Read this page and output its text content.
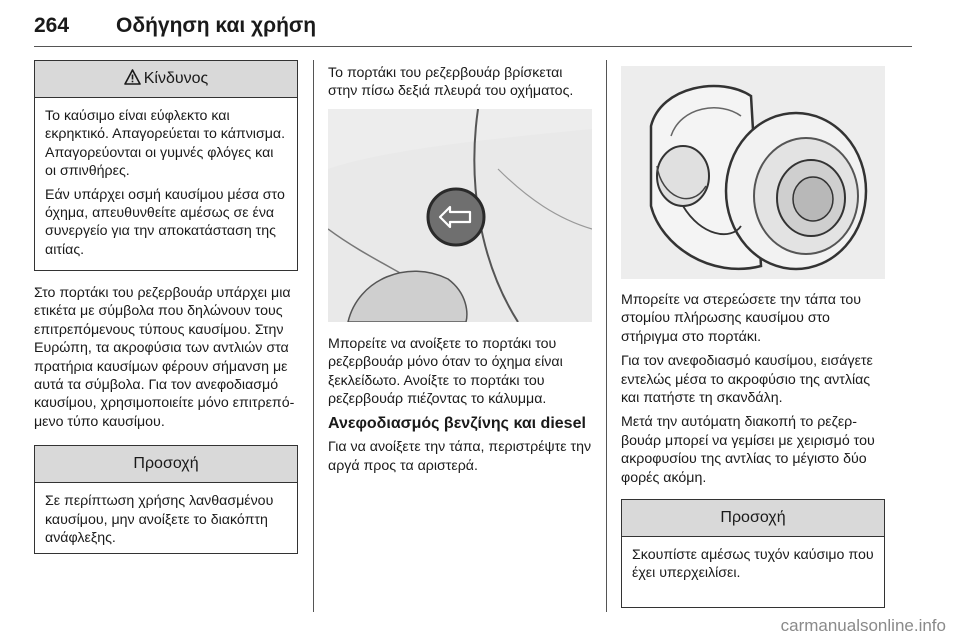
264 Οδήγηση και χρήση
Κίνδυνος

Το καύσιμο είναι εύφλεκτο και εκρηκτικό. Απαγορεύεται το κάπνισμα. Απαγορεύονται οι γυμνές φλόγες και οι σπινθήρες.

Εάν υπάρχει οσμή καυσίμου μέσα στο όχημα, απευθυνθείτε αμέσως σε ένα συνεργείο για την αποκατάσταση της αιτίας.

Στο πορτάκι του ρεζερβουάρ υπάρχει μια ετικέτα με σύμβολα που δηλώνουν τους επιτρεπόμενους τύπους καυσίμου. Στην Ευρώπη, τα ακροφύσια των αντλιών στα πρατήρια καυσίμων φέρουν σήμανση με αυτά τα σύμβολα. Για τον ανεφοδιασμό καυσίμου, χρησιμοποιείτε μόνο επιτρεπόμενο τύπο καυσίμου.

Προσοχή

Σε περίπτωση χρήσης λανθασμένου καυσίμου, μην ανοίξετε το διακόπτη ανάφλεξης.

Το πορτάκι του ρεζερβουάρ βρίσκεται στην πίσω δεξιά πλευρά του οχήματος.

Μπορείτε να ανοίξετε το πορτάκι του ρεζερβουάρ μόνο όταν το όχημα είναι ξεκλείδωτο. Ανοίξτε το πορτάκι του ρεζερβουάρ πιέζοντας το κάλυμμα.

Ανεφοδιασμός βενζίνης και diesel

Για να ανοίξετε την τάπα, περιστρέψτε την αργά προς τα αριστερά.

Μπορείτε να στερεώσετε την τάπα του στομίου πλήρωσης καυσίμου στο στήριγμα στο πορτάκι.

Για τον ανεφοδιασμό καυσίμου, εισάγετε εντελώς μέσα το ακροφύσιο της αντλίας και πατήστε τη σκανδάλη.

Μετά την αυτόματη διακοπή το ρεζερβουάρ μπορεί να γεμίσει με χειρισμό του ακροφυσίου της αντλίας το μέγιστο δύο φορές ακόμη.

Προσοχή

Σκουπίστε αμέσως τυχόν καύσιμο που έχει υπερχειλίσει.

carmanualsonline.info
